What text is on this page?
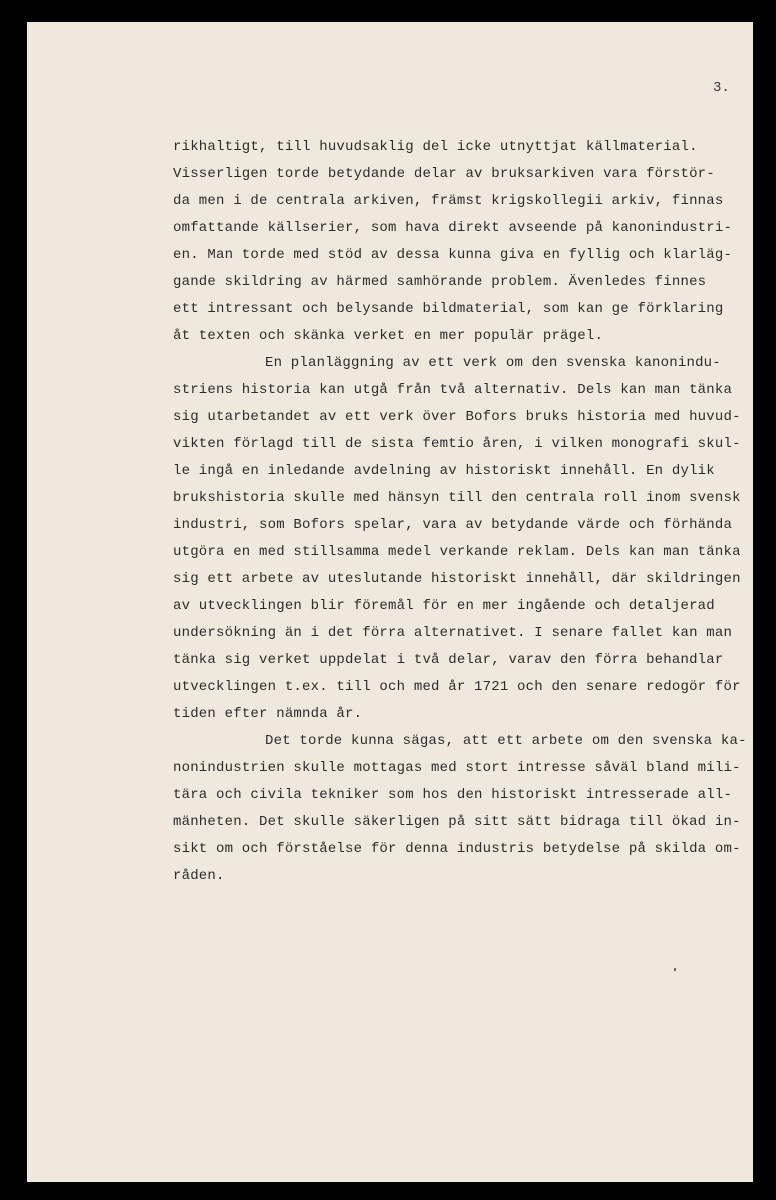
3.

rikhaltigt, till huvudsaklig del icke utnyttjat källmaterial.

Visserligen torde betydande delar av bruksarkiven vara förstör-

da men i de centrala arkiven, främst krigskollegii arkiv, finnas

omfattande källserier, som hava direkt avseende på kanonindustri-

en. Man torde med stöd av dessa kunna giva en fyllig och klarläg-

gande skildring av härmed samhörande problem. Ävenledes finnes

ett intressant och belysande bildmaterial, som kan ge förklaring

åt texten och skänka verket en mer populär prägel.

En planläggning av ett verk om den svenska kanonindu-

striens historia kan utgå från två alternativ. Dels kan man tänka

sig utarbetandet av ett verk över Bofors bruks historia med huvud-

vikten förlagd till de sista femtio åren, i vilken monografi skul-

le ingå en inledande avdelning av historiskt innehåll. En dylik

brukshistoria skulle med hänsyn till den centrala roll inom svensk

industri, som Bofors spelar, vara av betydande värde och förhända

utgöra en med stillsamma medel verkande reklam. Dels kan man tänka

sig ett arbete av uteslutande historiskt innehåll, där skildringen

av utvecklingen blir föremål för en mer ingående och detaljerad

undersökning än i det förra alternativet. I senare fallet kan man

tänka sig verket uppdelat i två delar, varav den förra behandlar

utvecklingen t.ex. till och med år 1721 och den senare redogör för

tiden efter nämnda år.

Det torde kunna sägas, att ett arbete om den svenska ka-

nonindustrien skulle mottagas med stort intresse såväl bland mili-

tära och civila tekniker som hos den historiskt intresserade all-

mänheten. Det skulle säkerligen på sitt sätt bidraga till ökad in-

sikt om och förståelse för denna industris betydelse på skilda om-

råden.
